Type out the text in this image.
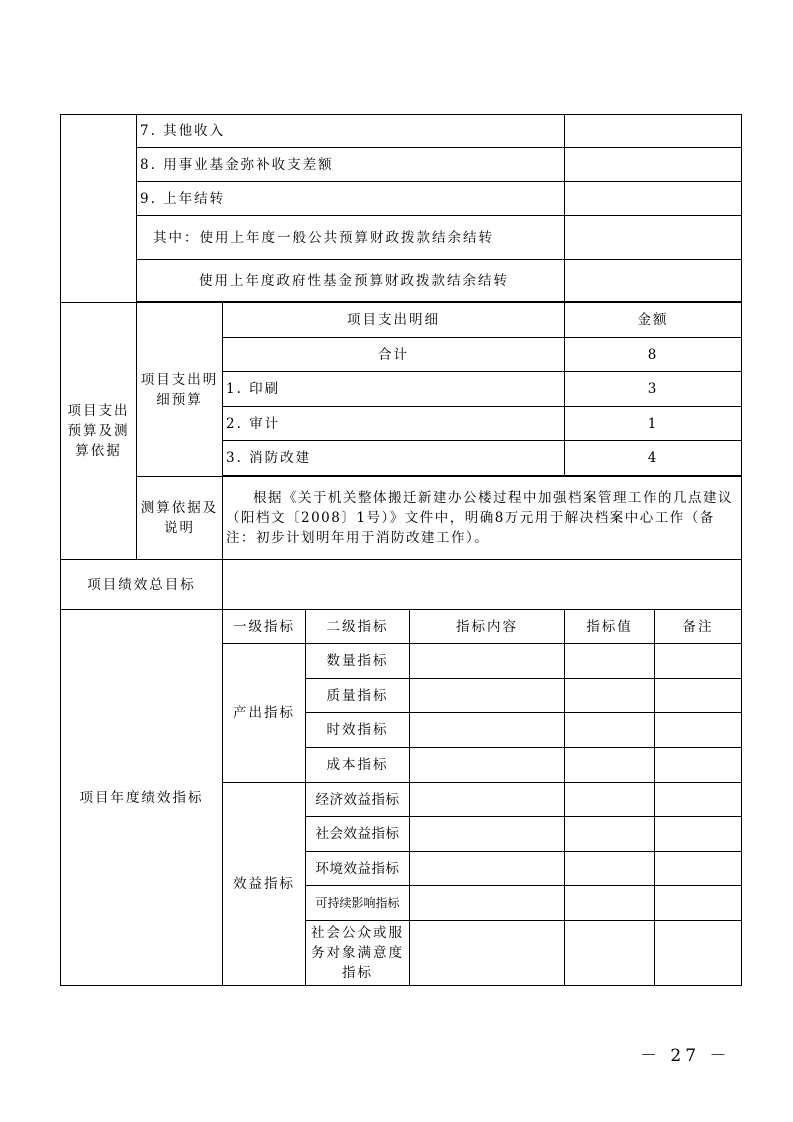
	7. 其他收入					
	8. 用事业基金弥补收支差额					
	9. 上年结转					
	其中：使用上年度一般公共预算财政拨款结余结转					
	使用上年度政府性基金预算财政拨款结余结转					

项目支出预算及测算依据	项目支出明细预算	项目支出明细			金额	
		合计			8	
		1. 印刷			3	
		2. 审计			1	
		3. 消防改建			4	

	测算依据及说明	根据《关于机关整体搬迁新建办公楼过程中加强档案管理工作的几点建议（阳档文〔2008〕1号）》文件中，明确8万元用于解决档案中心工作（备注：初步计划明年用于消防改建工作）。				
项目绩效总目标						
项目年度绩效指标		一级指标	二级指标	指标内容	指标值	备注
		产出指标	数量指标			
			质量指标			
			时效指标			
			成本指标			
		效益指标	经济效益指标			
			社会效益指标			
			环境效益指标			
			可持续影响指标			
			社会公众或服务对象满意度指标			
－ 27 －
